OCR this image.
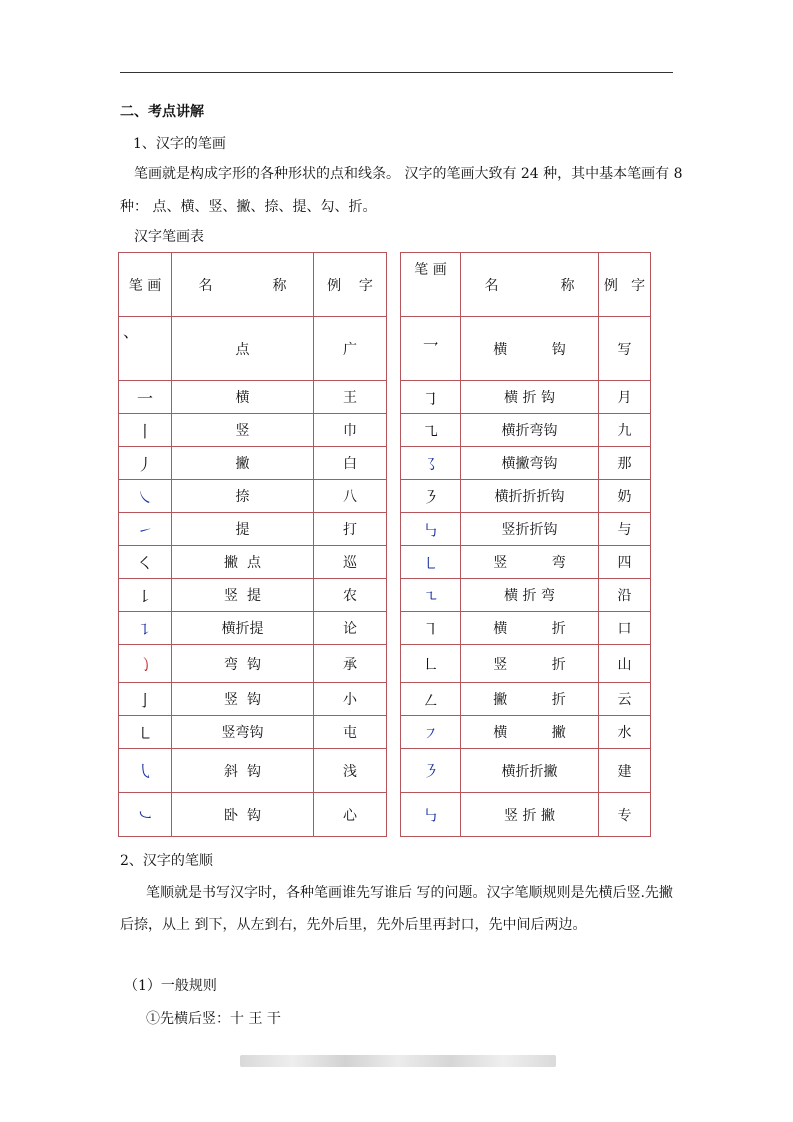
二、考点讲解
1、汉字的笔画
笔画就是构成字形的各种形状的点和线条。 汉字的笔画大致有 24 种，其中基本笔画有 8
种： 点、横、竖、撇、捺、提、勾、折。
汉字笔画表
笔 画	名 称	例    字
、	点	广
一	横	王
丨	竖	巾
丿	撇	白
㇏	捺	八
㇀	提	打
㇛	撇  点	巡
㇙	竖  提	农
㇊	横折提	论
㇁	弯  钩	承
亅	竖  钩	小
㇄	竖弯钩	屯
㇂	斜  钩	浅
㇃	卧  钩	心
笔 画	名 称	例   字
乛	横          钩	写
㇆	横 折 钩	月
㇈	横折弯钩	九
㇌	横撇弯钩	那
㇋	横折折折钩	奶
㇉	竖折折钩	与
㇄	竖          弯	四
㇍	横 折 弯	沿
㇕	横          折	口
㇗	竖          折	山
㇜	撇          折	云
㇇	横          撇	水
㇋	横折折撇	建
㇉	竖 折 撇	专
2、汉字的笔顺
笔顺就是书写汉字时，各种笔画谁先写谁后 写的问题。汉字笔顺规则是先横后竖.先撇
后捺，从上 到下，从左到右，先外后里，先外后里再封口，先中间后两边。
（1）一般规则
①先横后竖：十 王 干
